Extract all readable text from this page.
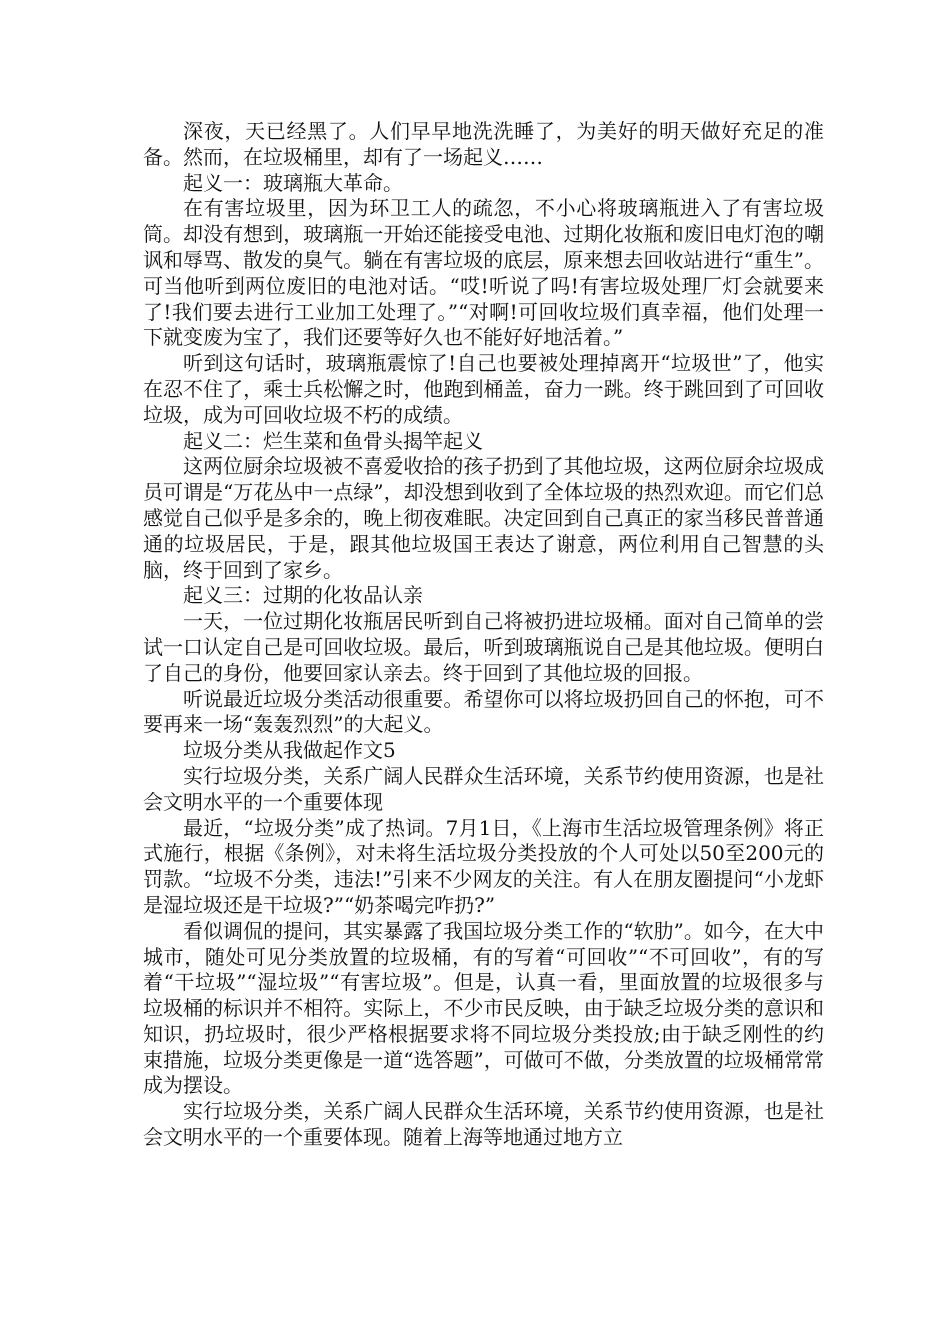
深夜，天已经黑了。人们早早地洗洗睡了，为美好的明天做好充足的准备。然而，在垃圾桶里，却有了一场起义……

起义一：玻璃瓶大革命。

在有害垃圾里，因为环卫工人的疏忽，不小心将玻璃瓶进入了有害垃圾筒。却没有想到，玻璃瓶一开始还能接受电池、过期化妆瓶和废旧电灯泡的嘲讽和辱骂、散发的臭气。躺在有害垃圾的底层，原来想去回收站进行“重生”。可当他听到两位废旧的电池对话。“哎!听说了吗!有害垃圾处理厂灯会就要来了!我们要去进行工业加工处理了。”“对啊!可回收垃圾们真幸福，他们处理一下就变废为宝了，我们还要等好久也不能好好地活着。”

听到这句话时，玻璃瓶震惊了!自己也要被处理掉离开“垃圾世”了，他实在忍不住了，乘士兵松懈之时，他跑到桶盖，奋力一跳。终于跳回到了可回收垃圾，成为可回收垃圾不朽的成绩。

起义二：烂生菜和鱼骨头揭竿起义

这两位厨余垃圾被不喜爱收拾的孩子扔到了其他垃圾，这两位厨余垃圾成员可谓是“万花丛中一点绿”，却没想到收到了全体垃圾的热烈欢迎。而它们总感觉自己似乎是多余的，晚上彻夜难眠。决定回到自己真正的家当移民普普通通的垃圾居民，于是，跟其他垃圾国王表达了谢意，两位利用自己智慧的头脑，终于回到了家乡。

起义三：过期的化妆品认亲

一天，一位过期化妆瓶居民听到自己将被扔进垃圾桶。面对自己简单的尝试一口认定自己是可回收垃圾。最后，听到玻璃瓶说自己是其他垃圾。便明白了自己的身份，他要回家认亲去。终于回到了其他垃圾的回报。

听说最近垃圾分类活动很重要。希望你可以将垃圾扔回自己的怀抱，可不要再来一场“轰轰烈烈”的大起义。

垃圾分类从我做起作文5

实行垃圾分类，关系广阔人民群众生活环境，关系节约使用资源，也是社会文明水平的一个重要体现

最近，“垃圾分类”成了热词。7月1日，《上海市生活垃圾管理条例》将正式施行，根据《条例》，对未将生活垃圾分类投放的个人可处以50至200元的罚款。“垃圾不分类，违法!”引来不少网友的关注。有人在朋友圈提问“小龙虾是湿垃圾还是干垃圾?”“奶茶喝完咋扔?”

看似调侃的提问，其实暴露了我国垃圾分类工作的“软肋”。如今，在大中城市，随处可见分类放置的垃圾桶，有的写着“可回收”“不可回收”，有的写着“干垃圾”“湿垃圾”“有害垃圾”。但是，认真一看，里面放置的垃圾很多与垃圾桶的标识并不相符。实际上，不少市民反映，由于缺乏垃圾分类的意识和知识，扔垃圾时，很少严格根据要求将不同垃圾分类投放;由于缺乏刚性的约束措施，垃圾分类更像是一道“选答题”，可做可不做，分类放置的垃圾桶常常成为摆设。

实行垃圾分类，关系广阔人民群众生活环境，关系节约使用资源，也是社会文明水平的一个重要体现。随着上海等地通过地方立
